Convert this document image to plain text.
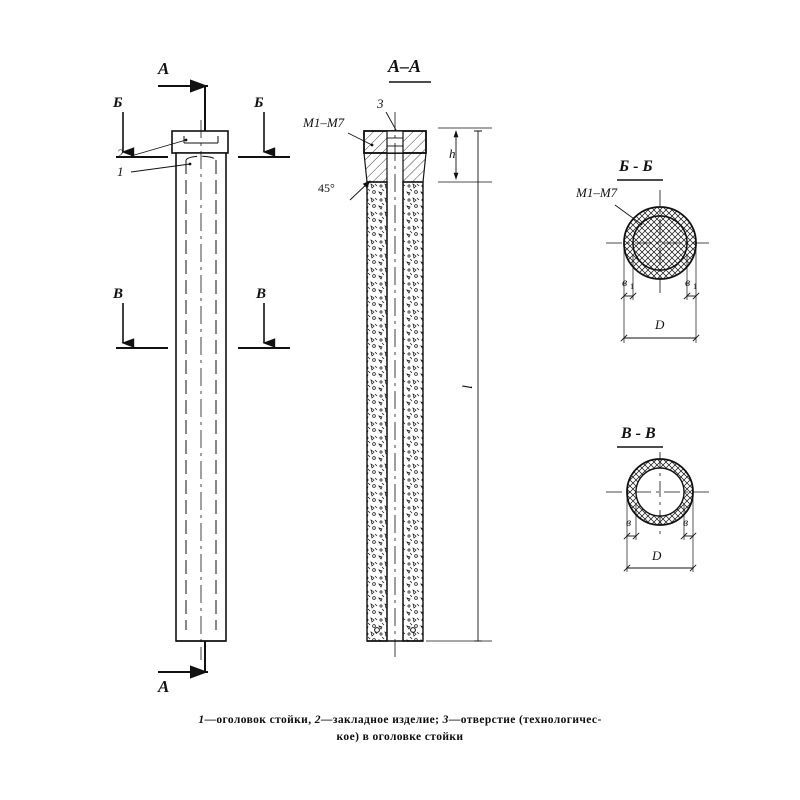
А
А
Б	Б
В	В
2
1
3
М1–М7
М1–М7
45°
А–А
Б - Б
В - В
h
l
в 1	в 1
D
в	в
D
1—оголовок стойки, 2—закладное изделие; 3—отверстие (технологичес-
кое) в оголовке стойки
